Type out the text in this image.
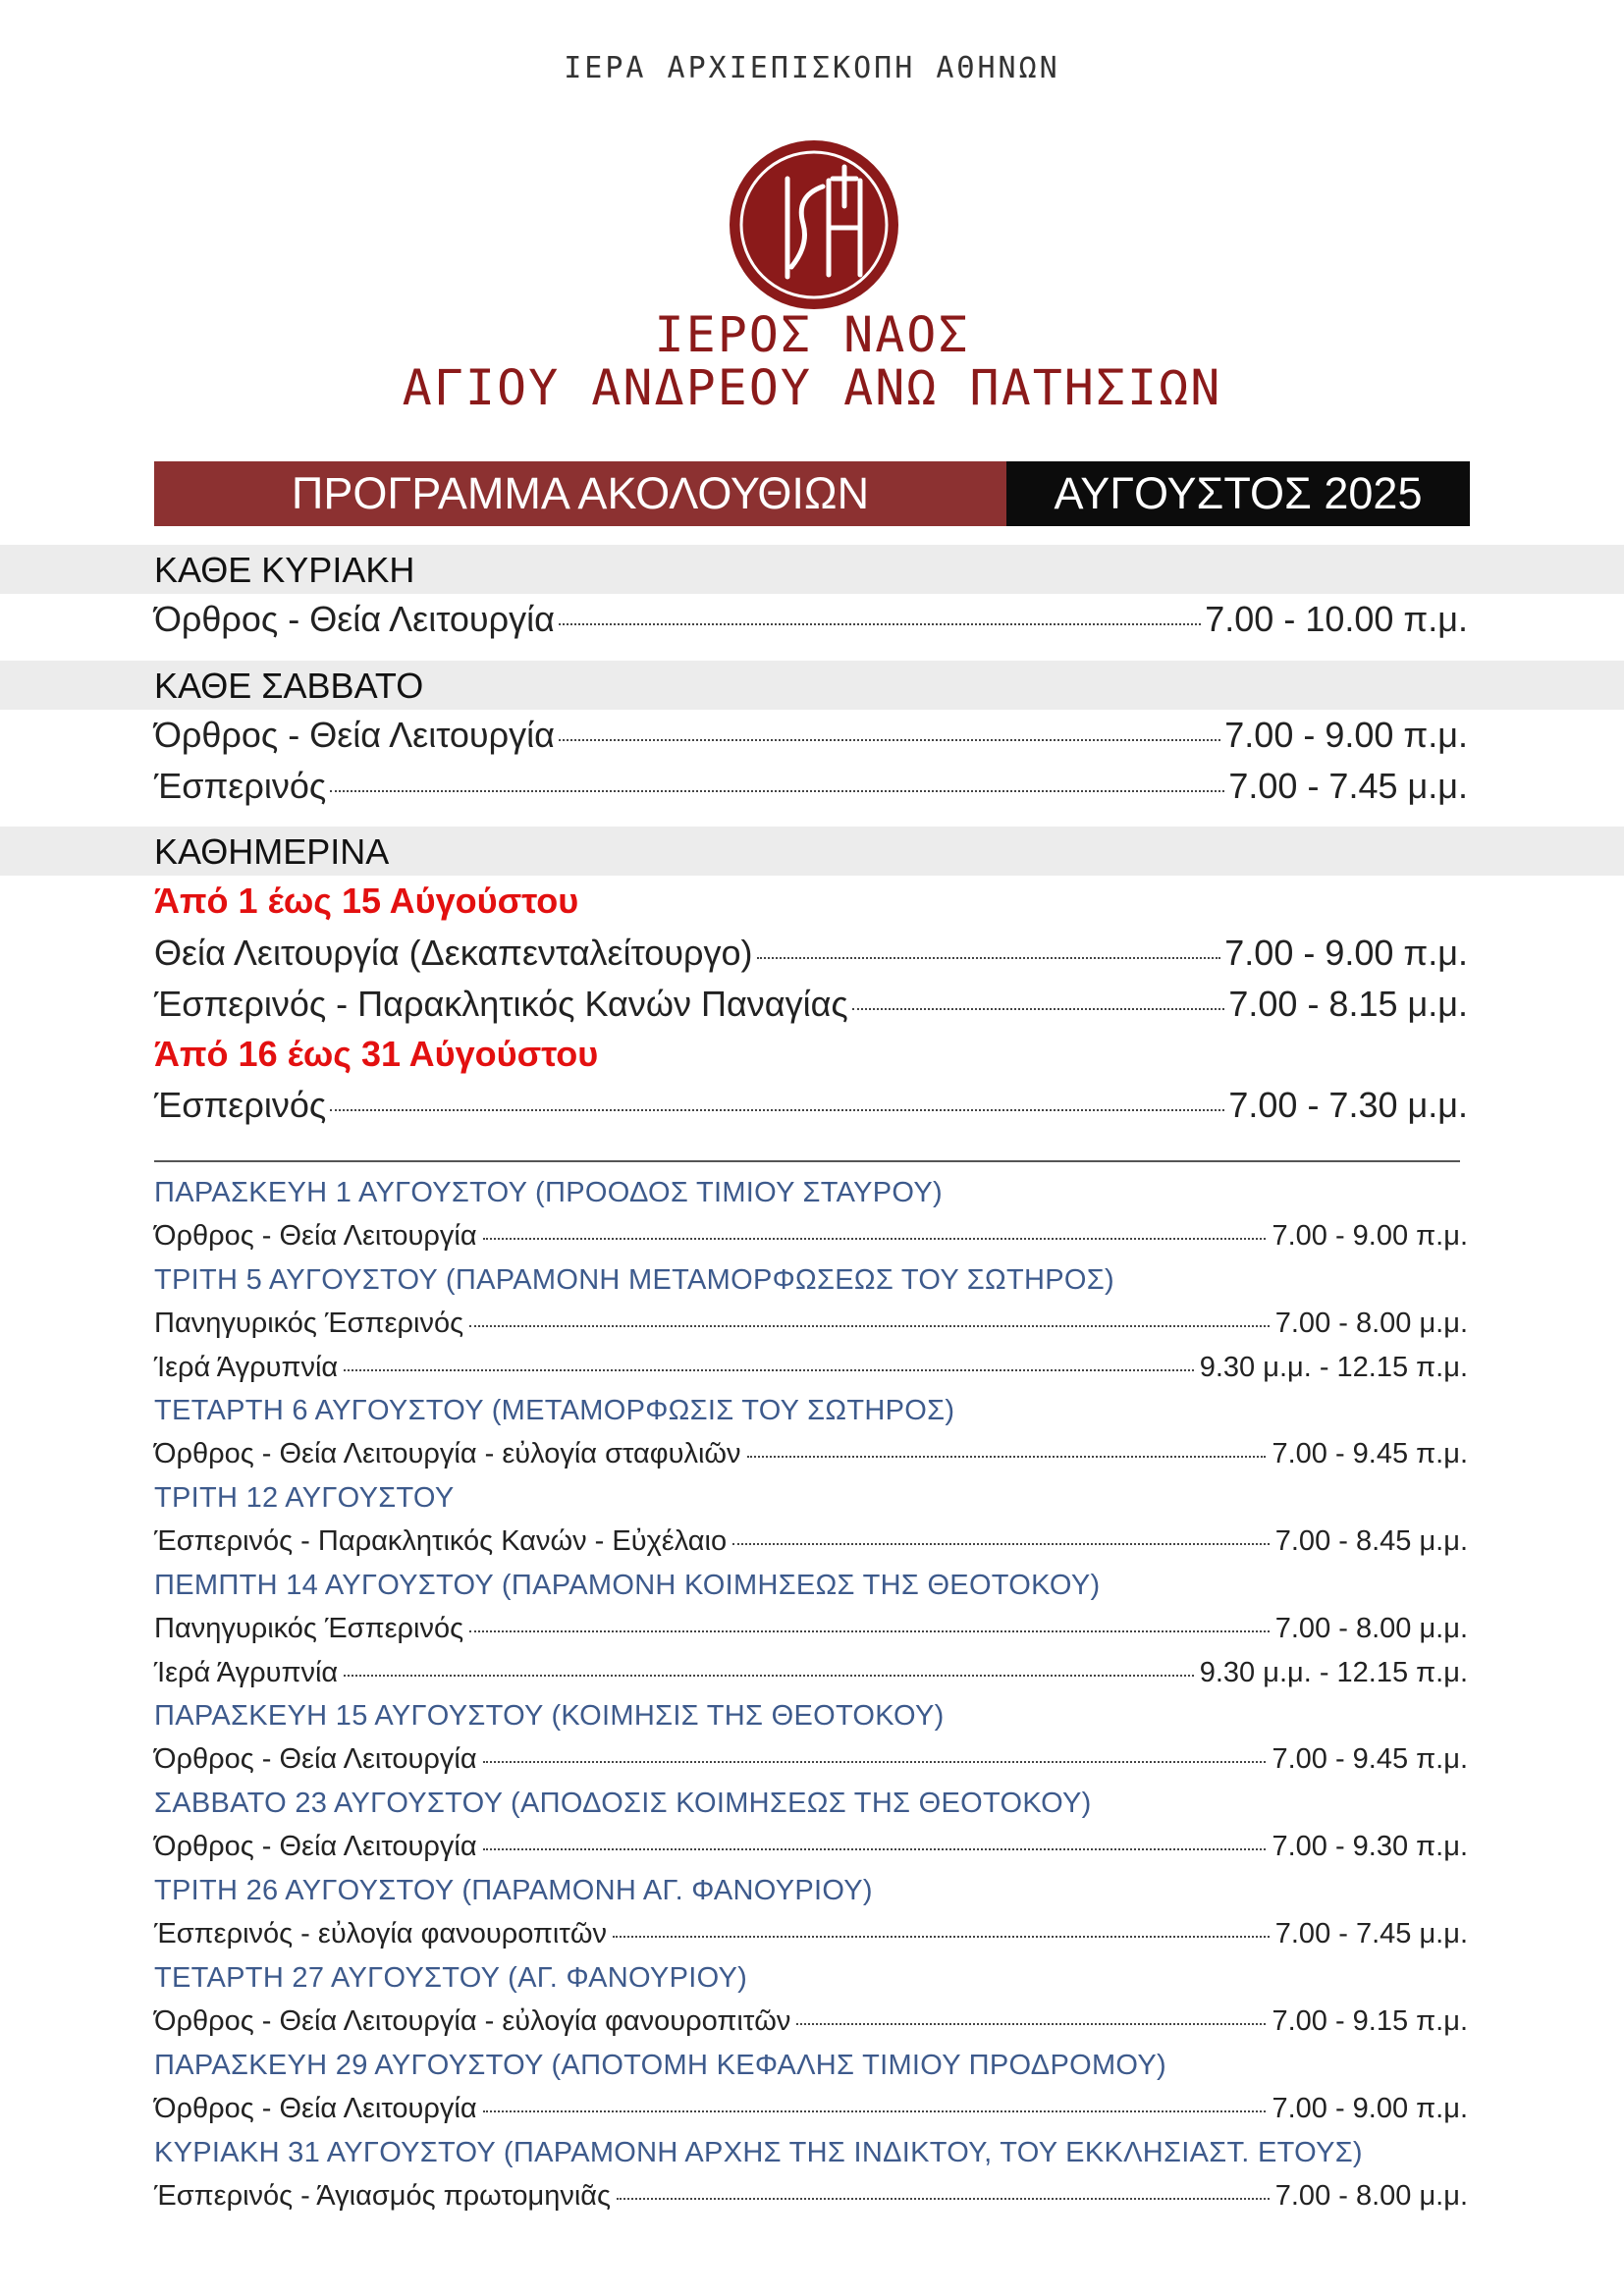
ΙΕΡΑ ΑΡΧΙΕΠΙΣΚΟΠΗ ΑΘΗΝΩΝ
ΙΕΡΟΣ ΝΑΟΣ
ΑΓΙΟΥ ΑΝΔΡΕΟΥ ΑΝΩ ΠΑΤΗΣΙΩΝ
ΠΡΟΓΡΑΜΜΑ ΑΚΟΛΟΥΘΙΩΝ	ΑΥΓΟΥΣΤΟΣ 2025
ΚΑΘΕ ΚΥΡΙΑΚΗ
Όρθρος - Θεία Λειτουργία	7.00 - 10.00 π.μ.
ΚΑΘΕ ΣΑΒΒΑΤΟ
Όρθρος - Θεία Λειτουργία	7.00 - 9.00 π.μ.
Έσπερινός	7.00 - 7.45 μ.μ.
ΚΑΘΗΜΕΡΙΝΑ
Άπό 1 έως 15 Αύγούστου
Θεία Λειτουργία (Δεκαπενταλείτουργο)	7.00 - 9.00 π.μ.
Έσπερινός - Παρακλητικός Κανών Παναγίας	7.00 - 8.15 μ.μ.
Άπό 16 έως 31 Αύγούστου
Έσπερινός	7.00 - 7.30 μ.μ.
ΠΑΡΑΣΚΕΥΗ 1 ΑΥΓΟΥΣΤΟΥ (ΠΡΟΟΔΟΣ ΤΙΜΙΟΥ ΣΤΑΥΡΟΥ)
Όρθρος - Θεία Λειτουργία	7.00 - 9.00 π.μ.
ΤΡΙΤΗ 5 ΑΥΓΟΥΣΤΟΥ (ΠΑΡΑΜΟΝΗ ΜΕΤΑΜΟΡΦΩΣΕΩΣ ΤΟΥ ΣΩΤΗΡΟΣ)
Πανηγυρικός Έσπερινός	7.00 - 8.00 μ.μ.
Ίερά Άγρυπνία	9.30 μ.μ. - 12.15 π.μ.
ΤΕΤΑΡΤΗ 6 ΑΥΓΟΥΣΤΟΥ (ΜΕΤΑΜΟΡΦΩΣΙΣ ΤΟΥ ΣΩΤΗΡΟΣ)
Όρθρος - Θεία Λειτουργία - εὐλογία σταφυλιῶν	7.00 - 9.45 π.μ.
ΤΡΙΤΗ 12 ΑΥΓΟΥΣΤΟΥ
Έσπερινός - Παρακλητικός Κανών - Εὐχέλαιο	7.00 - 8.45 μ.μ.
ΠΕΜΠΤΗ 14 ΑΥΓΟΥΣΤΟΥ (ΠΑΡΑΜΟΝΗ ΚΟΙΜΗΣΕΩΣ ΤΗΣ ΘΕΟΤΟΚΟΥ)
Πανηγυρικός Έσπερινός	7.00 - 8.00 μ.μ.
Ίερά Άγρυπνία	9.30 μ.μ. - 12.15 π.μ.
ΠΑΡΑΣΚΕΥΗ 15 ΑΥΓΟΥΣΤΟΥ (ΚΟΙΜΗΣΙΣ ΤΗΣ ΘΕΟΤΟΚΟΥ)
Όρθρος - Θεία Λειτουργία	7.00 - 9.45 π.μ.
ΣΑΒΒΑΤΟ 23 ΑΥΓΟΥΣΤΟΥ (ΑΠΟΔΟΣΙΣ ΚΟΙΜΗΣΕΩΣ ΤΗΣ ΘΕΟΤΟΚΟΥ)
Όρθρος - Θεία Λειτουργία	7.00 - 9.30 π.μ.
ΤΡΙΤΗ 26 ΑΥΓΟΥΣΤΟΥ (ΠΑΡΑΜΟΝΗ ΑΓ. ΦΑΝΟΥΡΙΟΥ)
Έσπερινός - εὐλογία φανουροπιτῶν	7.00 - 7.45 μ.μ.
ΤΕΤΑΡΤΗ 27 ΑΥΓΟΥΣΤΟΥ (ΑΓ. ΦΑΝΟΥΡΙΟΥ)
Όρθρος - Θεία Λειτουργία - εὐλογία φανουροπιτῶν	7.00 - 9.15 π.μ.
ΠΑΡΑΣΚΕΥΗ 29 ΑΥΓΟΥΣΤΟΥ (ΑΠΟΤΟΜΗ ΚΕΦΑΛΗΣ ΤΙΜΙΟΥ ΠΡΟΔΡΟΜΟΥ)
Όρθρος - Θεία Λειτουργία	7.00 - 9.00 π.μ.
ΚΥΡΙΑΚΗ 31 ΑΥΓΟΥΣΤΟΥ (ΠΑΡΑΜΟΝΗ ΑΡΧΗΣ ΤΗΣ ΙΝΔΙΚΤΟΥ, ΤΟΥ ΕΚΚΛΗΣΙΑΣΤ. ΕΤΟΥΣ)
Έσπερινός - Άγιασμός πρωτομηνιᾶς	7.00 - 8.00 μ.μ.
